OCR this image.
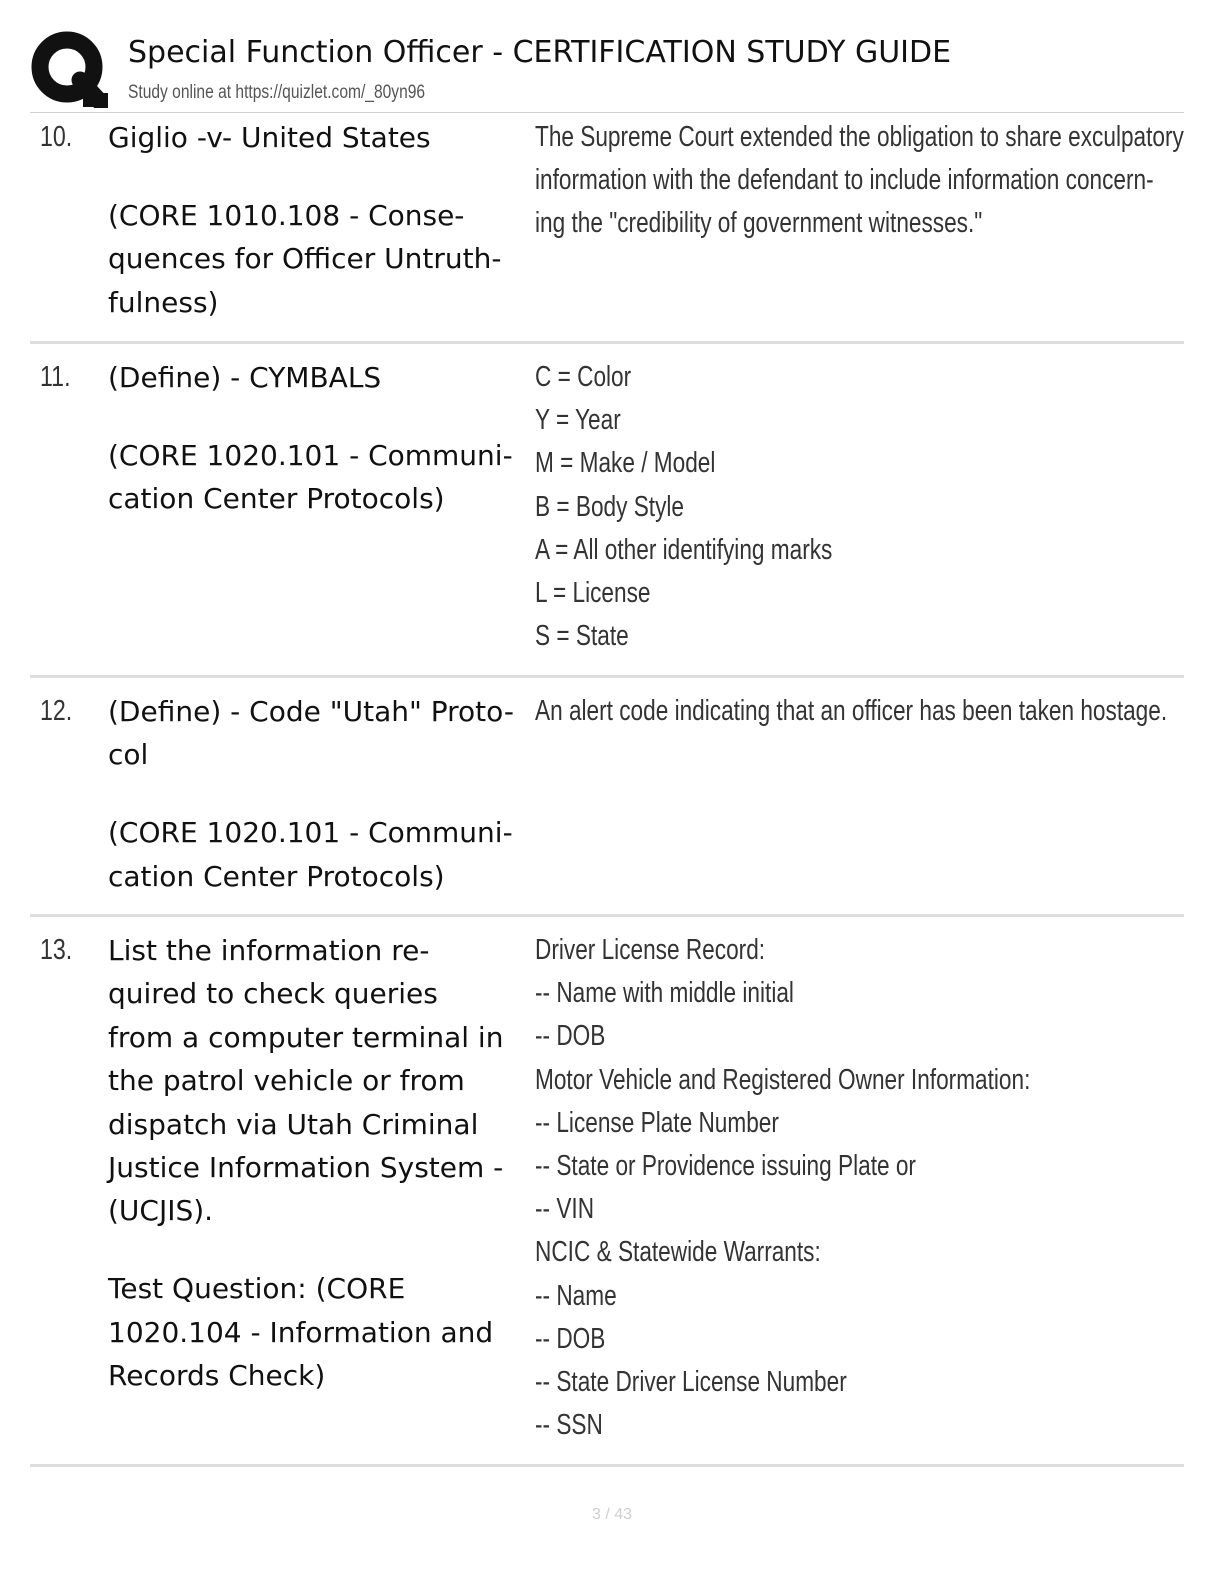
Special Function Officer - CERTIFICATION STUDY GUIDE
Study online at https://quizlet.com/_80yn96
10. Giglio -v- United States

(CORE 1010.108 - Conse-
quences for Officer Untruth-
fulness)

The Supreme Court extended the obligation to share exculpatory
information with the defendant to include information concern-
ing the "credibility of government witnesses."
11. (Define) - CYMBALS

(CORE 1020.101 - Communi-
cation Center Protocols)

C = Color
Y = Year
M = Make / Model
B = Body Style
A = All other identifying marks
L = License
S = State
12. (Define) - Code "Utah" Proto-
col

(CORE 1020.101 - Communi-
cation Center Protocols)

An alert code indicating that an officer has been taken hostage.
13. List the information re-
quired to check queries
from a computer terminal in
the patrol vehicle or from
dispatch via Utah Criminal
Justice Information System -
(UCJIS).

Test Question: (CORE
1020.104 - Information and
Records Check)

Driver License Record:
-- Name with middle initial
-- DOB
Motor Vehicle and Registered Owner Information:
-- License Plate Number
-- State or Providence issuing Plate or
-- VIN
NCIC & Statewide Warrants:
-- Name
-- DOB
-- State Driver License Number
-- SSN
3 / 43
